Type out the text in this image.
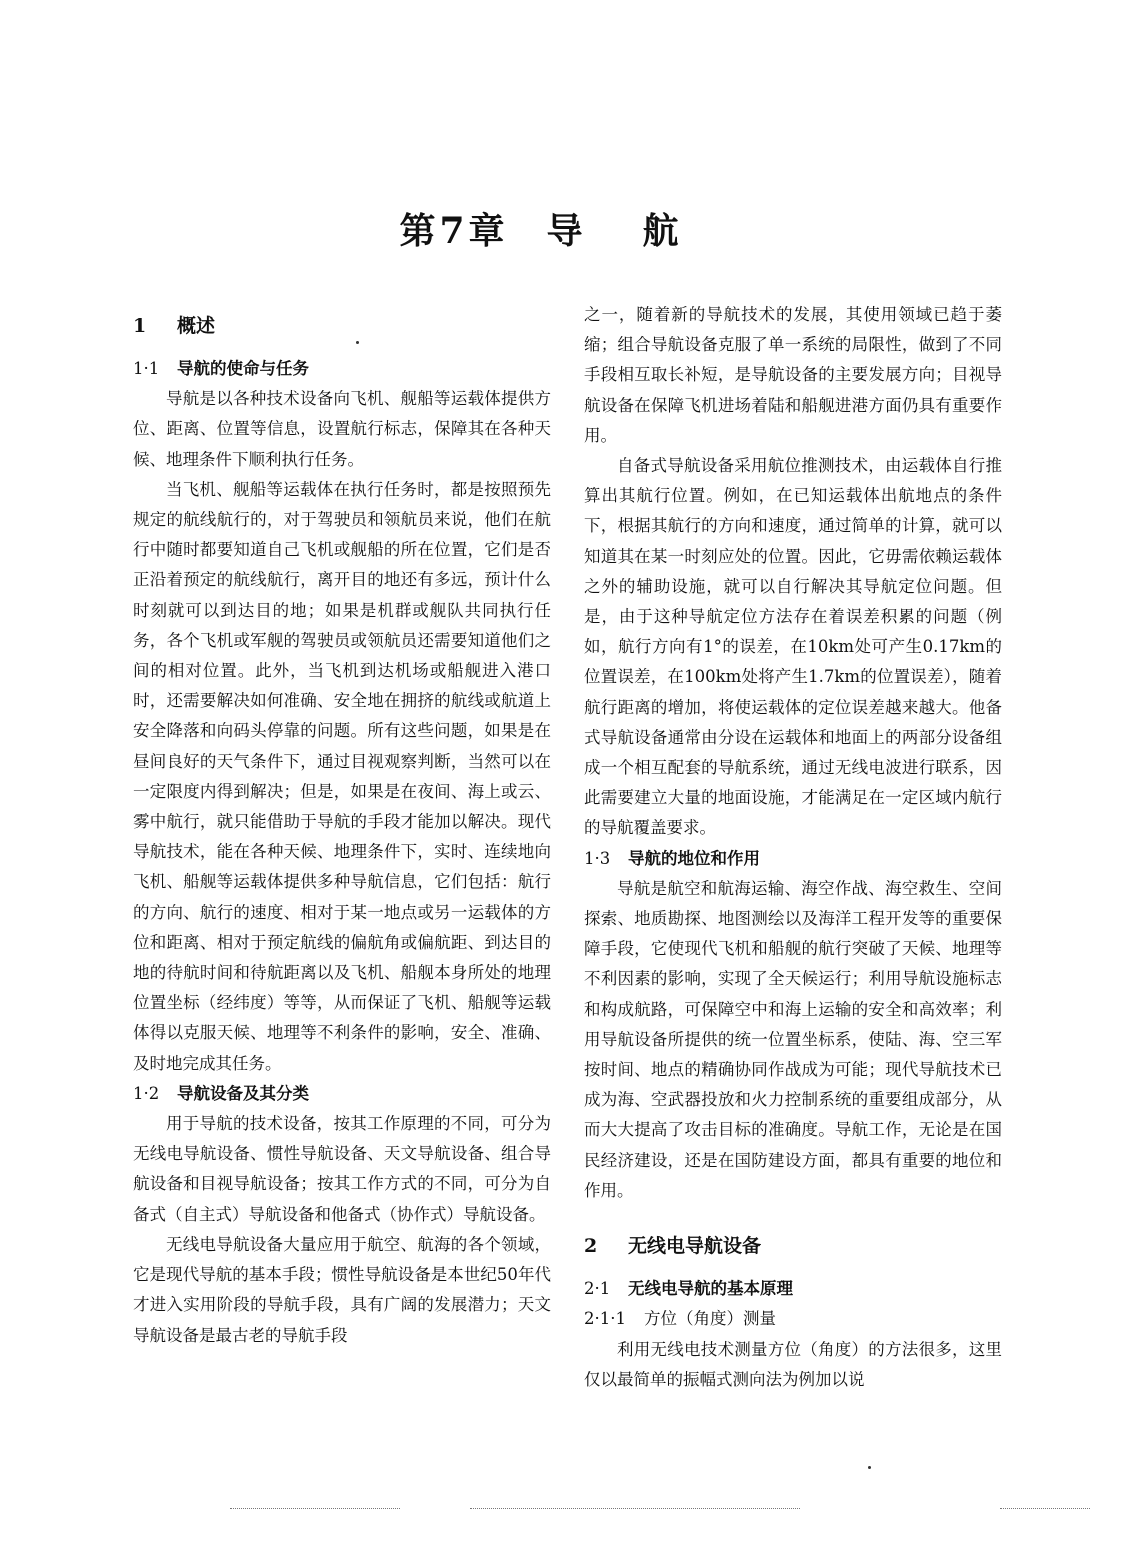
第7章 导航
1 概述
1·1 导航的使命与任务

导航是以各种技术设备向飞机、舰船等运载体提供方位、距离、位置等信息，设置航行标志，保障其在各种天候、地理条件下顺利执行任务。

当飞机、舰船等运载体在执行任务时，都是按照预先规定的航线航行的，对于驾驶员和领航员来说，他们在航行中随时都要知道自己飞机或舰船的所在位置，它们是否正沿着预定的航线航行，离开目的地还有多远，预计什么时刻就可以到达目的地；如果是机群或舰队共同执行任务，各个飞机或军舰的驾驶员或领航员还需要知道他们之间的相对位置。此外，当飞机到达机场或船舰进入港口时，还需要解决如何准确、安全地在拥挤的航线或航道上安全降落和向码头停靠的问题。所有这些问题，如果是在昼间良好的天气条件下，通过目视观察判断，当然可以在一定限度内得到解决；但是，如果是在夜间、海上或云、雾中航行，就只能借助于导航的手段才能加以解决。现代导航技术，能在各种天候、地理条件下，实时、连续地向飞机、船舰等运载体提供多种导航信息，它们包括：航行的方向、航行的速度、相对于某一地点或另一运载体的方位和距离、相对于预定航线的偏航角或偏航距、到达目的地的待航时间和待航距离以及飞机、船舰本身所处的地理位置坐标（经纬度）等等，从而保证了飞机、船舰等运载体得以克服天候、地理等不利条件的影响，安全、准确、及时地完成其任务。

1·2 导航设备及其分类

用于导航的技术设备，按其工作原理的不同，可分为无线电导航设备、惯性导航设备、天文导航设备、组合导航设备和目视导航设备；按其工作方式的不同，可分为自备式（自主式）导航设备和他备式（协作式）导航设备。

无线电导航设备大量应用于航空、航海的各个领域，它是现代导航的基本手段；惯性导航设备是本世纪50年代才进入实用阶段的导航手段，具有广阔的发展潜力；天文导航设备是最古老的导航手段

之一，随着新的导航技术的发展，其使用领域已趋于萎缩；组合导航设备克服了单一系统的局限性，做到了不同手段相互取长补短，是导航设备的主要发展方向；目视导航设备在保障飞机进场着陆和船舰进港方面仍具有重要作用。

自备式导航设备采用航位推测技术，由运载体自行推算出其航行位置。例如，在已知运载体出航地点的条件下，根据其航行的方向和速度，通过简单的计算，就可以知道其在某一时刻应处的位置。因此，它毋需依赖运载体之外的辅助设施，就可以自行解决其导航定位问题。但是，由于这种导航定位方法存在着误差积累的问题（例如，航行方向有1°的误差，在10km处可产生0.17km的位置误差，在100km处将产生1.7km的位置误差），随着航行距离的增加，将使运载体的定位误差越来越大。他备式导航设备通常由分设在运载体和地面上的两部分设备组成一个相互配套的导航系统，通过无线电波进行联系，因此需要建立大量的地面设施，才能满足在一定区域内航行的导航覆盖要求。

1·3 导航的地位和作用

导航是航空和航海运输、海空作战、海空救生、空间探索、地质勘探、地图测绘以及海洋工程开发等的重要保障手段，它使现代飞机和船舰的航行突破了天候、地理等不利因素的影响，实现了全天候运行；利用导航设施标志和构成航路，可保障空中和海上运输的安全和高效率；利用导航设备所提供的统一位置坐标系，使陆、海、空三军按时间、地点的精确协同作战成为可能；现代导航技术已成为海、空武器投放和火力控制系统的重要组成部分，从而大大提高了攻击目标的准确度。导航工作，无论是在国民经济建设，还是在国防建设方面，都具有重要的地位和作用。

2 无线电导航设备
2·1 无线电导航的基本原理
2·1·1 方位（角度）测量

利用无线电技术测量方位（角度）的方法很多，这里仅以最简单的振幅式测向法为例加以说
